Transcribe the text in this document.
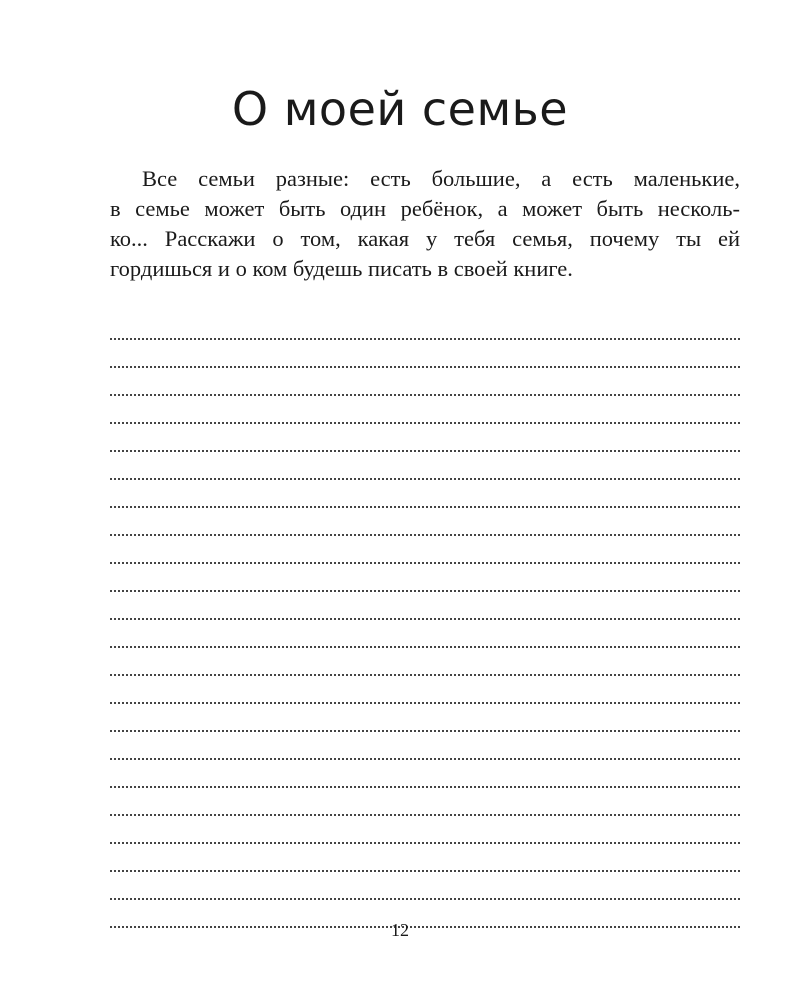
О моей семье

Все семьи разные: есть большие, а есть маленькие,
в семье может быть один ребёнок, а может быть несколь-
ко... Расскажи о том, какая у тебя семья, почему ты ей
гордишься и о ком будешь писать в своей книге.

12
